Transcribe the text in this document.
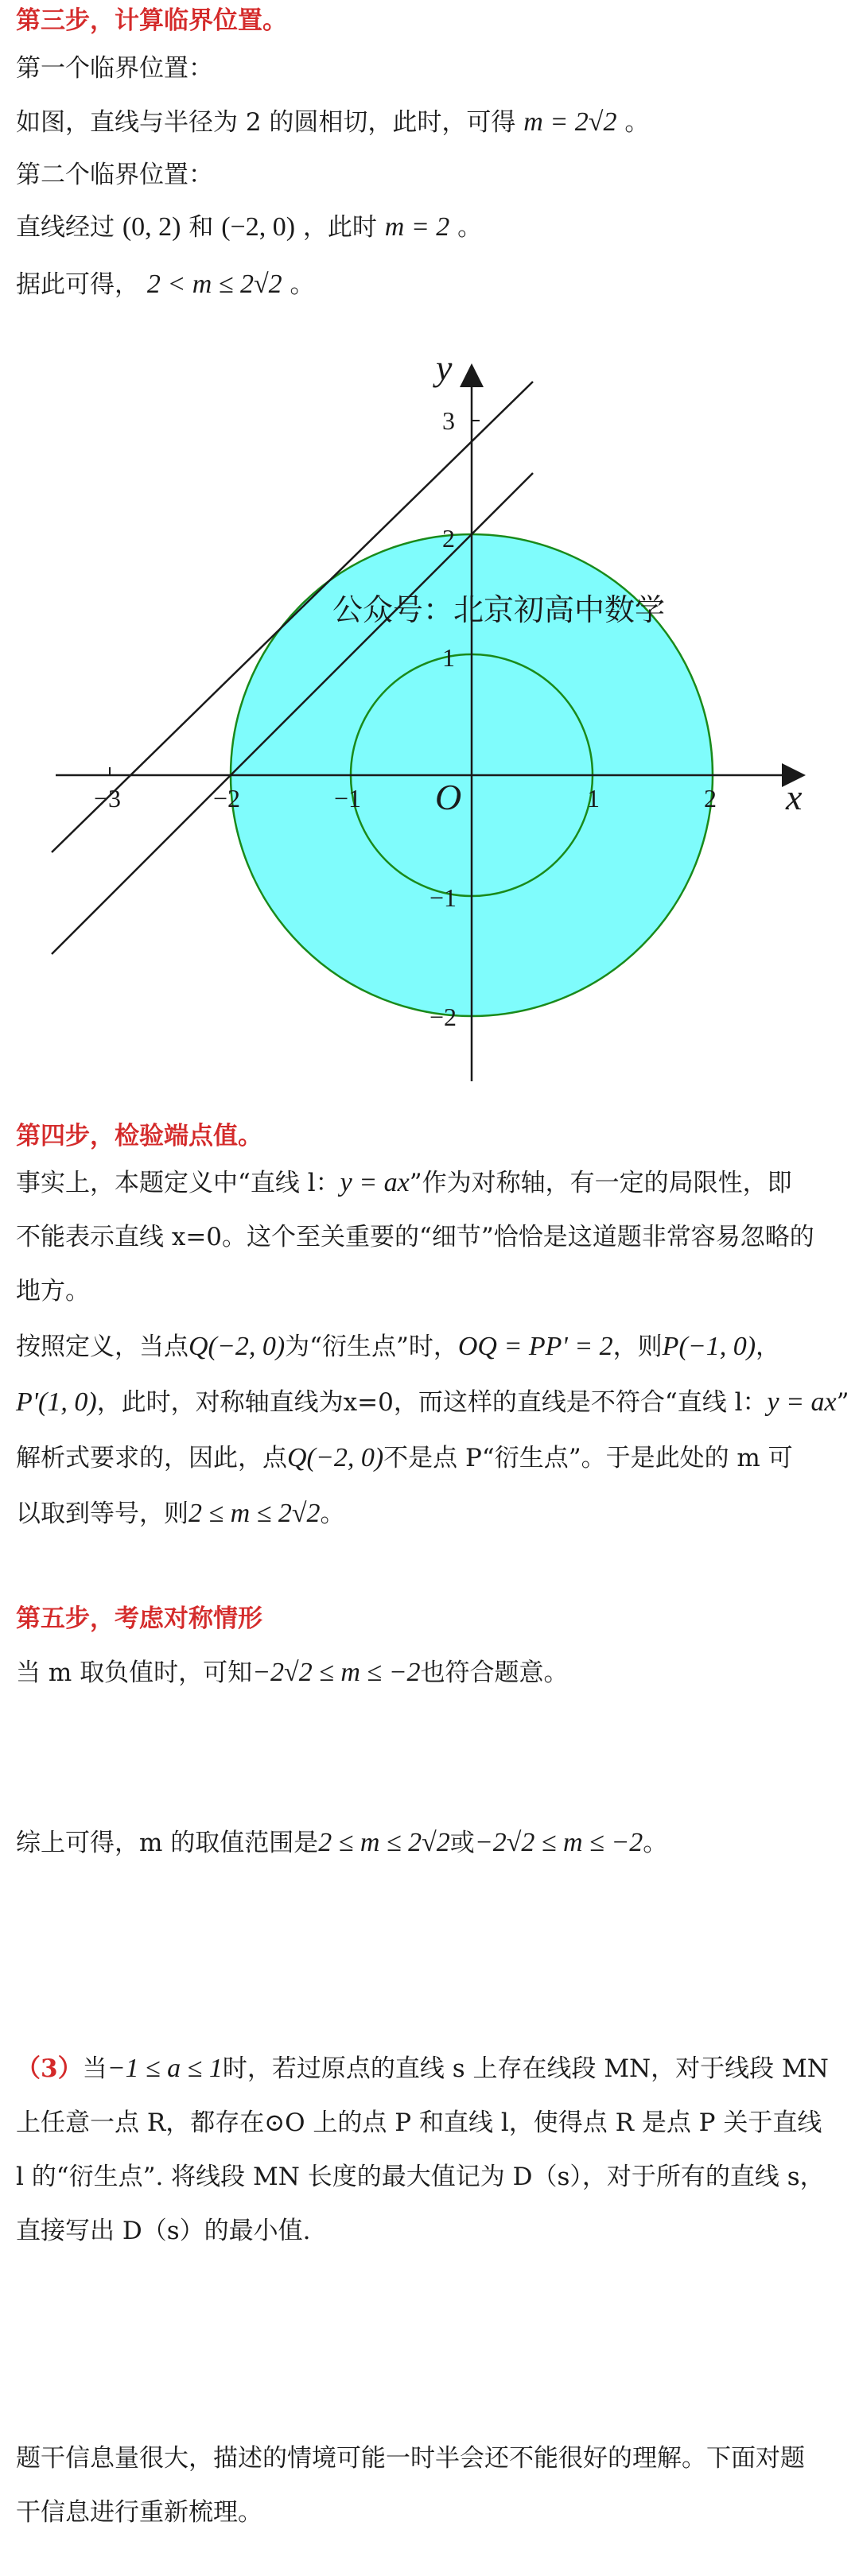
第三步，计算临界位置。

第一个临界位置：

如图，直线与半径为 2 的圆相切，此时，可得 m = 2√2 。

第二个临界位置：

直线经过 (0, 2) 和 (−2, 0) ，此时 m = 2 。

据此可得， 2 < m ≤ 2√2 。

公众号：北京初高中数学
x
y
O
−3	−2	−1	1	2
3
2
1
−1
−2

第四步，检验端点值。

事实上，本题定义中“直线 l：y = ax”作为对称轴，有一定的局限性，即

不能表示直线 x=0。这个至关重要的“细节”恰恰是这道题非常容易忽略的

地方。

按照定义，当点Q(−2, 0)为“衍生点”时，OQ = PP' = 2，则P(−1, 0)，

P'(1, 0)，此时，对称轴直线为x=0，而这样的直线是不符合“直线 l：y = ax”

解析式要求的，因此，点Q(−2, 0)不是点 P“衍生点”。于是此处的 m 可

以取到等号，则2 ≤ m ≤ 2√2。

第五步，考虑对称情形

当 m 取负值时，可知−2√2 ≤ m ≤ −2也符合题意。

综上可得，m 的取值范围是2 ≤ m ≤ 2√2或−2√2 ≤ m ≤ −2。

（3）当−1 ≤ a ≤ 1时，若过原点的直线 s 上存在线段 MN，对于线段 MN

上任意一点 R，都存在⊙O 上的点 P 和直线 l，使得点 R 是点 P 关于直线

l 的“衍生点”. 将线段 MN 长度的最大值记为 D（s），对于所有的直线 s，

直接写出 D（s）的最小值.

题干信息量很大，描述的情境可能一时半会还不能很好的理解。下面对题

干信息进行重新梳理。
